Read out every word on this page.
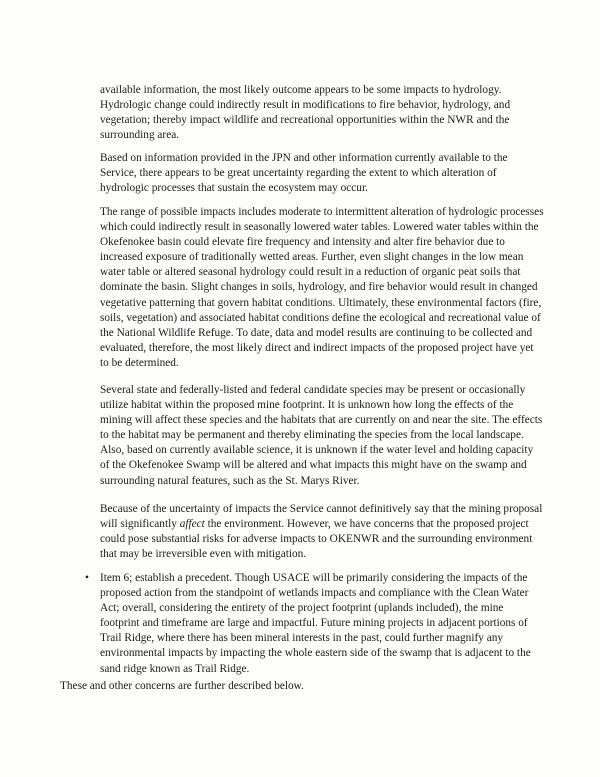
available information, the most likely outcome appears to be some impacts to hydrology. Hydrologic change could indirectly result in modifications to fire behavior, hydrology, and vegetation; thereby impact wildlife and recreational opportunities within the NWR and the surrounding area.

Based on information provided in the JPN and other information currently available to the Service, there appears to be great uncertainty regarding the extent to which alteration of hydrologic processes that sustain the ecosystem may occur.

The range of possible impacts includes moderate to intermittent alteration of hydrologic processes which could indirectly result in seasonally lowered water tables. Lowered water tables within the Okefenokee basin could elevate fire frequency and intensity and alter fire behavior due to increased exposure of traditionally wetted areas. Further, even slight changes in the low mean water table or altered seasonal hydrology could result in a reduction of organic peat soils that dominate the basin. Slight changes in soils, hydrology, and fire behavior would result in changed vegetative patterning that govern habitat conditions. Ultimately, these environmental factors (fire, soils, vegetation) and associated habitat conditions define the ecological and recreational value of the National Wildlife Refuge. To date, data and model results are continuing to be collected and evaluated, therefore, the most likely direct and indirect impacts of the proposed project have yet to be determined.

Several state and federally-listed and federal candidate species may be present or occasionally utilize habitat within the proposed mine footprint. It is unknown how long the effects of the mining will affect these species and the habitats that are currently on and near the site. The effects to the habitat may be permanent and thereby eliminating the species from the local landscape. Also, based on currently available science, it is unknown if the water level and holding capacity of the Okefenokee Swamp will be altered and what impacts this might have on the swamp and surrounding natural features, such as the St. Marys River.

Because of the uncertainty of impacts the Service cannot definitively say that the mining proposal will significantly affect the environment. However, we have concerns that the proposed project could pose substantial risks for adverse impacts to OKENWR and the surrounding environment that may be irreversible even with mitigation.

• Item 6; establish a precedent. Though USACE will be primarily considering the impacts of the proposed action from the standpoint of wetlands impacts and compliance with the Clean Water Act; overall, considering the entirety of the project footprint (uplands included), the mine footprint and timeframe are large and impactful. Future mining projects in adjacent portions of Trail Ridge, where there has been mineral interests in the past, could further magnify any environmental impacts by impacting the whole eastern side of the swamp that is adjacent to the sand ridge known as Trail Ridge.

These and other concerns are further described below.
